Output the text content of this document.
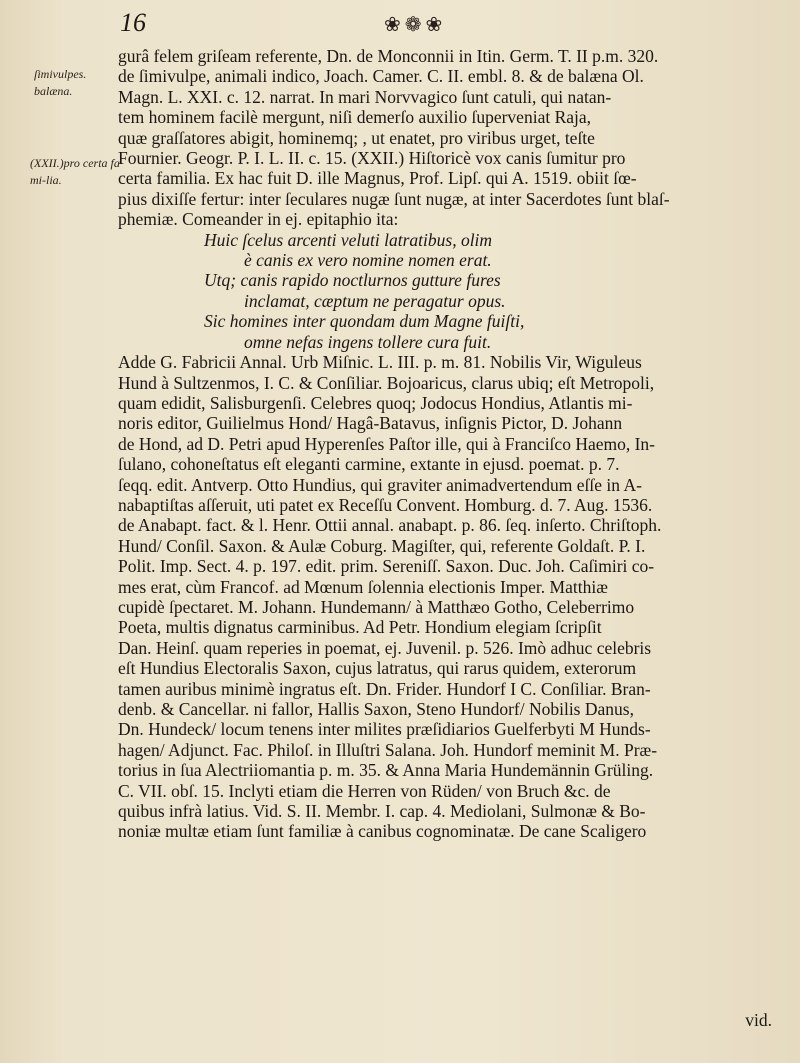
16	❀❁❀
ſimivulpes. balæna.
(XXII.)pro certa fa mi-lia.

gurâ felem griſeam referente, Dn. de Monconnii in Itin. Germ. T. II p.m. 320.

de ſimivulpe, animali indico, Joach. Camer. C. II. embl. 8. & de balæna Ol.

Magn. L. XXI. c. 12. narrat. In mari Norvvagico ſunt catuli, qui natan-

tem hominem facilè mergunt, niſi demerſo auxilio ſuperveniat Raja,

quæ graſſatores abigit, hominemq; , ut enatet, pro viribus urget, teſte

Fournier. Geogr. P. I. L. II. c. 15. (XXII.) Hiſtoricè vox canis ſumitur pro

certa familia. Ex hac fuit D. ille Magnus, Prof. Lipſ. qui A. 1519. obiit ſœ-

pius dixiſſe fertur: inter ſeculares nugæ ſunt nugæ, at inter Sacerdotes ſunt blaſ-

phemiæ. Comeander in ej. epitaphio ita:

Huic ſcelus arcenti veluti latratibus, olim

è canis ex vero nomine nomen erat.

Utq; canis rapido noctlurnos gutture fures

inclamat, cæptum ne peragatur opus.

Sic homines inter quondam dum Magne fuiſti,

omne nefas ingens tollere cura fuit.

Adde G. Fabricii Annal. Urb Miſnic. L. III. p. m. 81. Nobilis Vir, Wiguleus

Hund à Sultzenmos, I. C. & Conſiliar. Bojoaricus, clarus ubiq; eſt Metropoli,

quam edidit, Salisburgenſi. Celebres quoq; Jodocus Hondius, Atlantis mi-

noris editor, Guilielmus Hond/ Hagâ-Batavus, inſignis Pictor, D. Johann

de Hond, ad D. Petri apud Hyperenſes Paſtor ille, qui à Franciſco Haemo, In-

ſulano, cohoneſtatus eſt eleganti carmine, extante in ejusd. poemat. p. 7.

ſeqq. edit. Antverp. Otto Hundius, qui graviter animadvertendum eſſe in A-

nabaptiſtas aſſeruit, uti patet ex Receſſu Convent. Homburg. d. 7. Aug. 1536.

de Anabapt. fact. & l. Henr. Ottii annal. anabapt. p. 86. ſeq. inſerto. Chriſtoph.

Hund/ Conſil. Saxon. & Aulæ Coburg. Magiſter, qui, referente Goldaſt. P. I.

Polit. Imp. Sect. 4. p. 197. edit. prim. Sereniſſ. Saxon. Duc. Joh. Caſimiri co-

mes erat, cùm Francof. ad Mœnum ſolennia electionis Imper. Matthiæ

cupidè ſpectaret. M. Johann. Hundemann/ à Matthæo Gotho, Celeberrimo

Poeta, multis dignatus carminibus. Ad Petr. Hondium elegiam ſcripſit

Dan. Heinſ. quam reperies in poemat, ej. Juvenil. p. 526. Imò adhuc celebris

eſt Hundius Electoralis Saxon, cujus latratus, qui rarus quidem, exterorum

tamen auribus minimè ingratus eſt. Dn. Frider. Hundorf I C. Conſiliar. Bran-

denb. & Cancellar. ni fallor, Hallis Saxon, Steno Hundorf/ Nobilis Danus,

Dn. Hundeck/ locum tenens inter milites præſidiarios Guelferbyti M Hunds-

hagen/ Adjunct. Fac. Philoſ. in Illuſtri Salana. Joh. Hundorf meminit M. Præ-

torius in ſua Alectriiomantia p. m. 35. & Anna Maria Hundemännin Grüling.

C. VII. obſ. 15. Inclyti etiam die Herren von Rüden/ von Bruch &c. de

quibus infrà latius. Vid. S. II. Membr. I. cap. 4. Mediolani, Sulmonæ & Bo-

noniæ multæ etiam ſunt familiæ à canibus cognominatæ. De cane Scaligero

vid.
